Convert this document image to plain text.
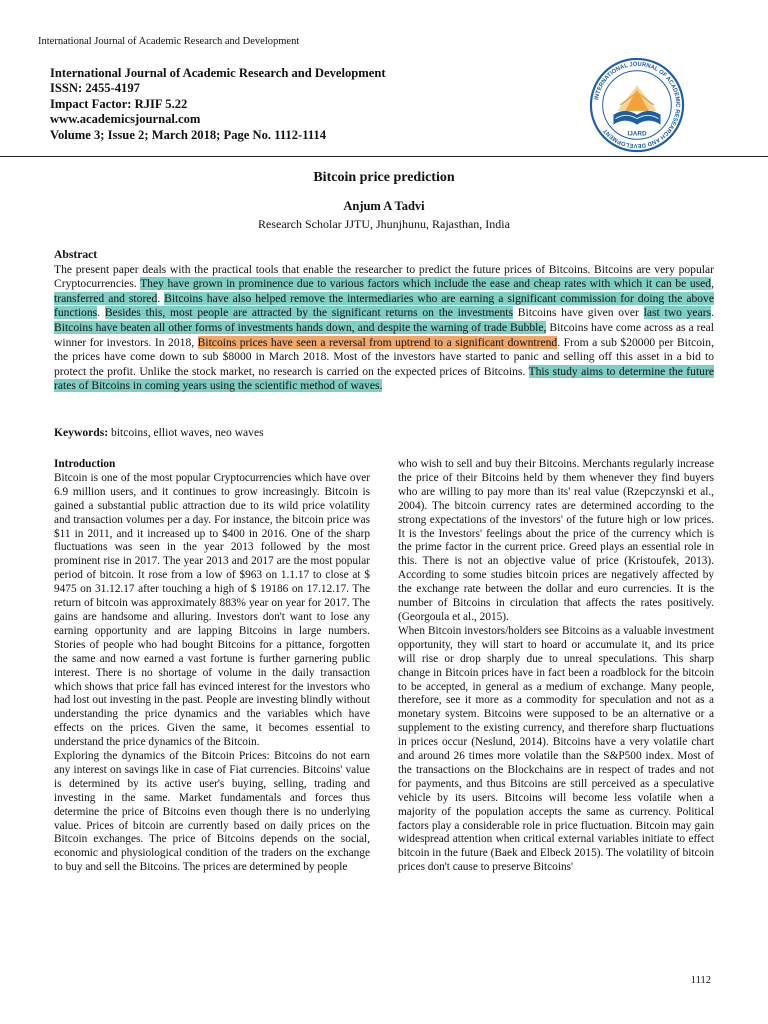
International Journal of Academic Research and Development
International Journal of Academic Research and Development
ISSN: 2455-4197
Impact Factor: RJIF 5.22
www.academicsjournal.com
Volume 3; Issue 2; March 2018; Page No. 1112-1114
INTERNATIONAL JOURNAL OF ACADEMIC RESEARCH AND DEVELOPMENT	IJARD
Bitcoin price prediction
Anjum A Tadvi
Research Scholar JJTU, Jhunjhunu, Rajasthan, India
Abstract
The present paper deals with the practical tools that enable the researcher to predict the future prices of Bitcoins. Bitcoins are very popular Cryptocurrencies. They have grown in prominence due to various factors which include the ease and cheap rates with which it can be used, transferred and stored. Bitcoins have also helped remove the intermediaries who are earning a significant commission for doing the above functions. Besides this, most people are attracted by the significant returns on the investments Bitcoins have given over last two years. Bitcoins have beaten all other forms of investments hands down, and despite the warning of trade Bubble, Bitcoins have come across as a real winner for investors. In 2018, Bitcoins prices have seen a reversal from uptrend to a significant downtrend. From a sub $20000 per Bitcoin, the prices have come down to sub $8000 in March 2018. Most of the investors have started to panic and selling off this asset in a bid to protect the profit. Unlike the stock market, no research is carried on the expected prices of Bitcoins. This study aims to determine the future rates of Bitcoins in coming years using the scientific method of waves.
Keywords: bitcoins, elliot waves, neo waves
Introduction

Bitcoin is one of the most popular Cryptocurrencies which have over 6.9 million users, and it continues to grow increasingly. Bitcoin is gained a substantial public attraction due to its wild price volatility and transaction volumes per a day. For instance, the bitcoin price was $11 in 2011, and it increased up to $400 in 2016. One of the sharp fluctuations was seen in the year 2013 followed by the most prominent rise in 2017. The year 2013 and 2017 are the most popular period of bitcoin. It rose from a low of $963 on 1.1.17 to close at $ 9475 on 31.12.17 after touching a high of $ 19186 on 17.12.17. The return of bitcoin was approximately 883% year on year for 2017. The gains are handsome and alluring. Investors don't want to lose any earning opportunity and are lapping Bitcoins in large numbers. Stories of people who had bought Bitcoins for a pittance, forgotten the same and now earned a vast fortune is further garnering public interest. There is no shortage of volume in the daily transaction which shows that price fall has evinced interest for the investors who had lost out investing in the past. People are investing blindly without understanding the price dynamics and the variables which have effects on the prices. Given the same, it becomes essential to understand the price dynamics of the Bitcoin.

Exploring the dynamics of the Bitcoin Prices: Bitcoins do not earn any interest on savings like in case of Fiat currencies. Bitcoins' value is determined by its active user's buying, selling, trading and investing in the same. Market fundamentals and forces thus determine the price of Bitcoins even though there is no underlying value. Prices of bitcoin are currently based on daily prices on the Bitcoin exchanges. The price of Bitcoins depends on the social, economic and physiological condition of the traders on the exchange to buy and sell the Bitcoins. The prices are determined by people

who wish to sell and buy their Bitcoins. Merchants regularly increase the price of their Bitcoins held by them whenever they find buyers who are willing to pay more than its' real value (Rzepczynski et al., 2004). The bitcoin currency rates are determined according to the strong expectations of the investors' of the future high or low prices. It is the Investors' feelings about the price of the currency which is the prime factor in the current price. Greed plays an essential role in this. There is not an objective value of price (Kristoufek, 2013). According to some studies bitcoin prices are negatively affected by the exchange rate between the dollar and euro currencies. It is the number of Bitcoins in circulation that affects the rates positively. (Georgoula et al., 2015).

When Bitcoin investors/holders see Bitcoins as a valuable investment opportunity, they will start to hoard or accumulate it, and its price will rise or drop sharply due to unreal speculations. This sharp change in Bitcoin prices have in fact been a roadblock for the bitcoin to be accepted, in general as a medium of exchange. Many people, therefore, see it more as a commodity for speculation and not as a monetary system. Bitcoins were supposed to be an alternative or a supplement to the existing currency, and therefore sharp fluctuations in prices occur (Neslund, 2014). Bitcoins have a very volatile chart and around 26 times more volatile than the S&P500 index. Most of the transactions on the Blockchains are in respect of trades and not for payments, and thus Bitcoins are still perceived as a speculative vehicle by its users. Bitcoins will become less volatile when a majority of the population accepts the same as currency. Political factors play a considerable role in price fluctuation. Bitcoin may gain widespread attention when critical external variables initiate to effect bitcoin in the future (Baek and Elbeck 2015). The volatility of bitcoin prices don't cause to preserve Bitcoins'

1112
